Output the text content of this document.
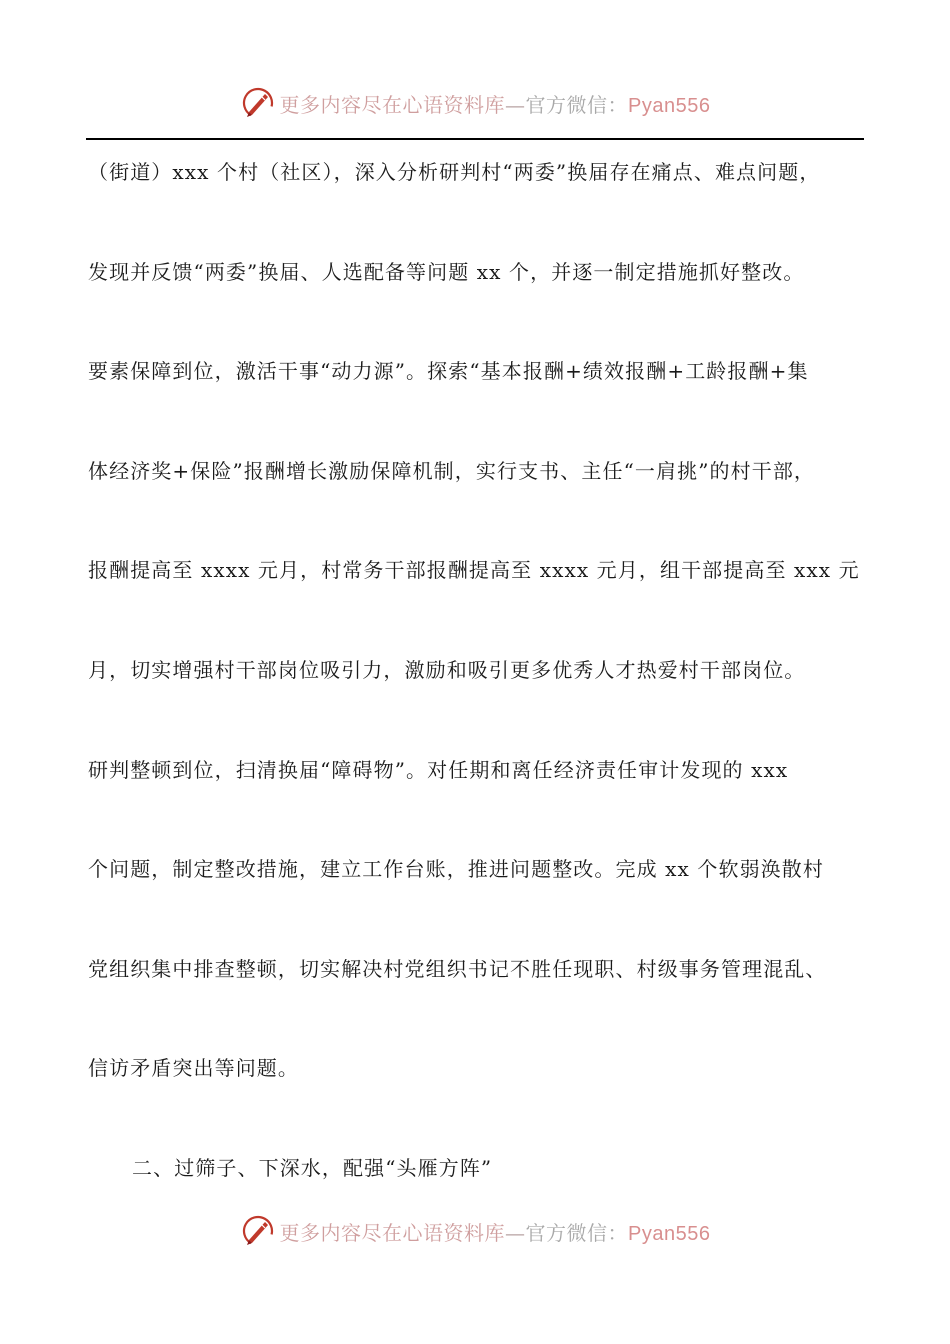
更多内容尽在心语资料库—官方微信：Pyan556
（街道）xxx 个村（社区），深入分析研判村“两委”换届存在痛点、难点问题，
发现并反馈“两委”换届、人选配备等问题 xx 个，并逐一制定措施抓好整改。
要素保障到位，激活干事“动力源”。探索“基本报酬+绩效报酬+工龄报酬+集
体经济奖+保险”报酬增长激励保障机制，实行支书、主任“一肩挑”的村干部，
报酬提高至 xxxx 元月，村常务干部报酬提高至 xxxx 元月，组干部提高至 xxx 元
月，切实增强村干部岗位吸引力，激励和吸引更多优秀人才热爱村干部岗位。
研判整顿到位，扫清换届“障碍物”。对任期和离任经济责任审计发现的 xxx
个问题，制定整改措施，建立工作台账，推进问题整改。完成 xx 个软弱涣散村
党组织集中排查整顿，切实解决村党组织书记不胜任现职、村级事务管理混乱、
信访矛盾突出等问题。
二、过筛子、下深水，配强“头雁方阵”
更多内容尽在心语资料库—官方微信：Pyan556
